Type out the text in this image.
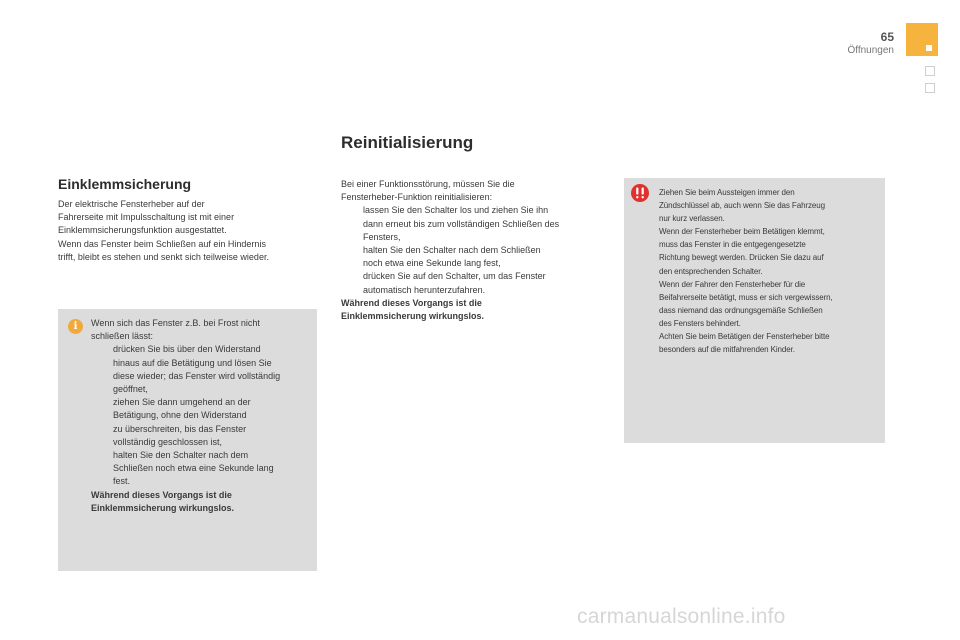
65
Öffnungen
Reinitialisierung
Bei einer Funktionsstörung, müssen Sie die
Fensterheber-Funktion reinitialisieren:
lassen Sie den Schalter los und ziehen Sie ihn
dann erneut bis zum vollständigen Schließen des
Fensters,
halten Sie den Schalter nach dem Schließen
noch etwa eine Sekunde lang fest,
drücken Sie auf den Schalter, um das Fenster
automatisch herunterzufahren.
Während dieses Vorgangs ist die
Einklemmsicherung wirkungslos.
Einklemmsicherung
Der elektrische Fensterheber auf der
Fahrerseite mit Impulsschaltung ist mit einer
Einklemmsicherungsfunktion ausgestattet.
Wenn das Fenster beim Schließen auf ein Hindernis
trifft, bleibt es stehen und senkt sich teilweise wieder.
i	Wenn sich das Fenster z.B. bei Frost nicht
schließen lässt:
drücken Sie bis über den Widerstand
hinaus auf die Betätigung und lösen Sie
diese wieder; das Fenster wird vollständig
geöffnet,
ziehen Sie dann umgehend an der
Betätigung, ohne den Widerstand
zu überschreiten, bis das Fenster
vollständig geschlossen ist,
halten Sie den Schalter nach dem
Schließen noch etwa eine Sekunde lang
fest.
Während dieses Vorgangs ist die
Einklemmsicherung wirkungslos.
Ziehen Sie beim Aussteigen immer den
Zündschlüssel ab, auch wenn Sie das Fahrzeug
nur kurz verlassen.
Wenn der Fensterheber beim Betätigen klemmt,
muss das Fenster in die entgegengesetzte
Richtung bewegt werden. Drücken Sie dazu auf
den entsprechenden Schalter.
Wenn der Fahrer den Fensterheber für die
Beifahrerseite betätigt, muss er sich vergewissern,
dass niemand das ordnungsgemäße Schließen
des Fensters behindert.
Achten Sie beim Betätigen der Fensterheber bitte
besonders auf die mitfahrenden Kinder.
carmanualsonline.info
